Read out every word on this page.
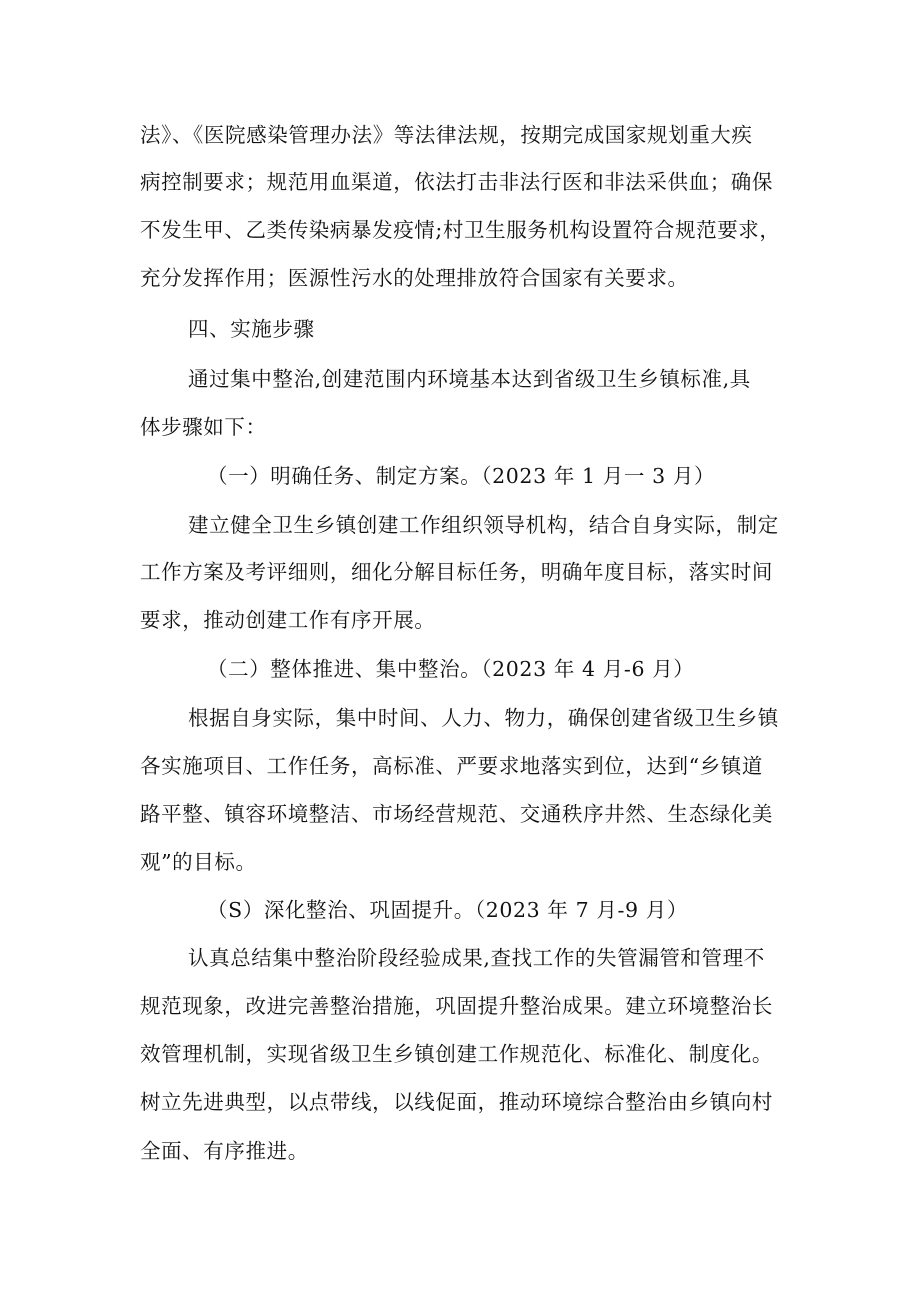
法》、《医院感染管理办法》等法律法规，按期完成国家规划重大疾
病控制要求；规范用血渠道，依法打击非法行医和非法采供血；确保
不发生甲、乙类传染病暴发疫情;村卫生服务机构设置符合规范要求，
充分发挥作用；医源性污水的处理排放符合国家有关要求。
四、实施步骤
通过集中整治,创建范围内环境基本达到省级卫生乡镇标准,具
体步骤如下：
（一）明确任务、制定方案。（2023 年 1 月一 3 月）
建立健全卫生乡镇创建工作组织领导机构，结合自身实际，制定
工作方案及考评细则，细化分解目标任务，明确年度目标，落实时间
要求，推动创建工作有序开展。
（二）整体推进、集中整治。（2023 年 4 月-6 月）
根据自身实际，集中时间、人力、物力，确保创建省级卫生乡镇
各实施项目、工作任务，高标准、严要求地落实到位，达到“乡镇道
路平整、镇容环境整洁、市场经营规范、交通秩序井然、生态绿化美
观”的目标。
（S）深化整治、巩固提升。（2023 年 7 月-9 月）
认真总结集中整治阶段经验成果,查找工作的失管漏管和管理不
规范现象，改进完善整治措施，巩固提升整治成果。建立环境整治长
效管理机制，实现省级卫生乡镇创建工作规范化、标准化、制度化。
树立先进典型，以点带线，以线促面，推动环境综合整治由乡镇向村
全面、有序推进。
